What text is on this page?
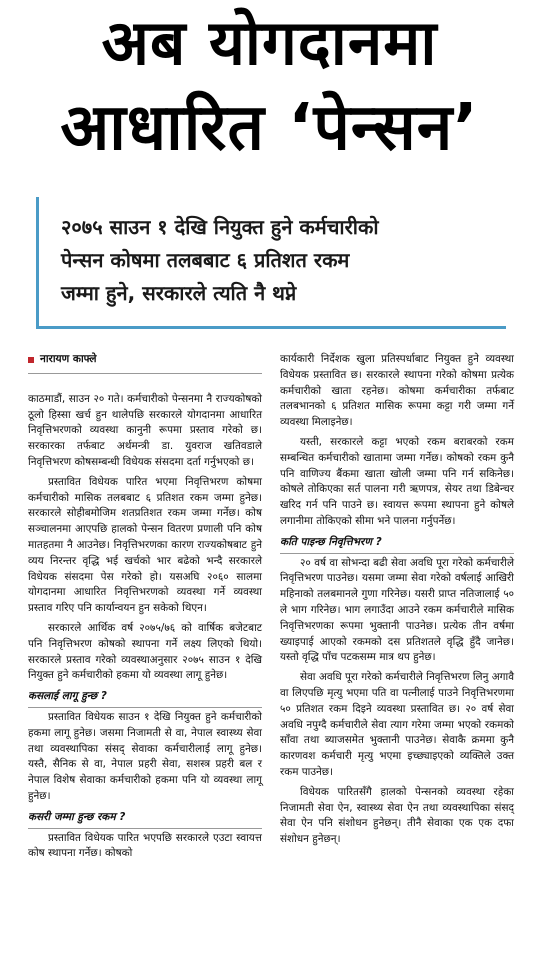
अब योगदानमा
आधारित ‘पेन्सन’

२०७५ साउन १ देखि नियुक्त हुने कर्मचारीको

पेन्सन कोषमा तलबबाट ६ प्रतिशत रकम

जम्मा हुने, सरकारले त्यति नै थप्ने

नारायण काफ्ले

काठमाडौं, साउन २० गते। कर्मचारीको पेन्सनमा नै राज्यकोषको ठूलो हिस्सा खर्च हुन थालेपछि सरकारले योगदानमा आधारित निवृत्तिभरणको व्यवस्था कानुनी रूपमा प्रस्ताव गरेको छ। सरकारका तर्फबाट अर्थमन्त्री डा. युवराज खतिवडाले निवृत्तिभरण कोषसम्बन्धी विधेयक संसदमा दर्ता गर्नुभएको छ।

प्रस्तावित विधेयक पारित भएमा निवृत्तिभरण कोषमा कर्मचारीको मासिक तलबबाट ६ प्रतिशत रकम जम्मा हुनेछ। सरकारले सोहीबमोजिम शतप्रतिशत रकम जम्मा गर्नेछ। कोष सञ्चालनमा आएपछि हालको पेन्सन वितरण प्रणाली पनि कोष मातहतमा नै आउनेछ। निवृत्तिभरणका कारण राज्यकोषबाट हुने व्यय निरन्तर वृद्धि भई खर्चको भार बढेको भन्दै सरकारले विधेयक संसदमा पेस गरेको हो। यसअघि २०६० सालमा योगदानमा आधारित निवृत्तिभरणको व्यवस्था गर्ने व्यवस्था प्रस्ताव गरिए पनि कार्यान्वयन हुन सकेको थिएन।

सरकारले आर्थिक वर्ष २०७५/७६ को वार्षिक बजेटबाट पनि निवृत्तिभरण कोषको स्थापना गर्ने लक्ष्य लिएको थियो। सरकारले प्रस्ताव गरेको व्यवस्थाअनुसार २०७५ साउन १ देखि नियुक्त हुने कर्मचारीको हकमा यो व्यवस्था लागू हुनेछ।

कसलाई लागू हुन्छ ?

प्रस्तावित विधेयक साउन १ देखि नियुक्त हुने कर्मचारीको हकमा लागू हुनेछ। जसमा निजामती से वा, नेपाल स्वास्थ्य सेवा तथा व्यवस्थापिका संसद् सेवाका कर्मचारीलाई लागू हुनेछ। यस्तै, सैनिक से वा, नेपाल प्रहरी सेवा, सशस्त्र प्रहरी बल र नेपाल विशेष सेवाका कर्मचारीको हकमा पनि यो व्यवस्था लागू हुनेछ।

कसरी जम्मा हुन्छ रकम ?

प्रस्तावित विधेयक पारित भएपछि सरकारले एउटा स्वायत्त कोष स्थापना गर्नेछ। कोषको

कार्यकारी निर्देशक खुला प्रतिस्पर्धाबाट नियुक्त हुने व्यवस्था विधेयक प्रस्तावित छ। सरकारले स्थापना गरेको कोषमा प्रत्येक कर्मचारीको खाता रहनेछ। कोषमा कर्मचारीका तर्फबाट तलबभानको ६ प्रतिशत मासिक रूपमा कट्टा गरी जम्मा गर्ने व्यवस्था मिलाइनेछ।

यस्ती, सरकारले कट्टा भएको रकम बराबरको रकम सम्बन्धित कर्मचारीको खातामा जम्मा गर्नेछ। कोषको रकम कुनै पनि वाणिज्य बैंकमा खाता खोली जम्मा पनि गर्न सकिनेछ। कोषले तोकिएका सर्त पालना गरी ऋणपत्र, सेयर तथा डिबेन्चर खरिद गर्न पनि पाउने छ। स्वायत्त रूपमा स्थापना हुने कोषले लगानीमा तोकिएको सीमा भने पालना गर्नुपर्नेछ।

कति पाइन्छ निवृत्तिभरण ?

२० वर्ष वा सोभन्दा बढी सेवा अवधि पूरा गरेको कर्मचारीले निवृत्तिभरण पाउनेछ। यसमा जम्मा सेवा गरेको वर्षलाई आखिरी महिनाको तलबमानले गुणा गरिनेछ। यसरी प्राप्त नतिजालाई ५० ले भाग गरिनेछ। भाग लगाउँदा आउने रकम कर्मचारीले मासिक निवृत्तिभरणका रूपमा भुक्तानी पाउनेछ। प्रत्येक तीन वर्षमा ख्याइपाई आएको रकमको दस प्रतिशतले वृद्धि हुँदै जानेछ। यस्तो वृद्धि पाँच पटकसम्म मात्र थप हुनेछ।

सेवा अवधि पूरा गरेको कर्मचारीले निवृत्तिभरण लिनु अगावै वा लिएपछि मृत्यु भएमा पति वा पत्नीलाई पाउने निवृत्तिभरणमा ५० प्रतिशत रकम दिइने व्यवस्था प्रस्तावित छ। २० वर्ष सेवा अवधि नपुग्दै कर्मचारीले सेवा त्याग गरेमा जम्मा भएको रकमको साँवा तथा ब्याजसमेत भुक्तानी पाउनेछ। सेवाकै क्रममा कुनै कारणवश कर्मचारी मृत्यु भएमा इच्छ्याइएको व्यक्तिले उक्त रकम पाउनेछ।

विधेयक पारितसँगै हालको पेन्सनको व्यवस्था रहेका निजामती सेवा ऐन, स्वास्थ्य सेवा ऐन तथा व्यवस्थापिका संसद् सेवा ऐन पनि संशोधन हुनेछन्। तीनै सेवाका एक एक दफा संशोधन हुनेछन्।
